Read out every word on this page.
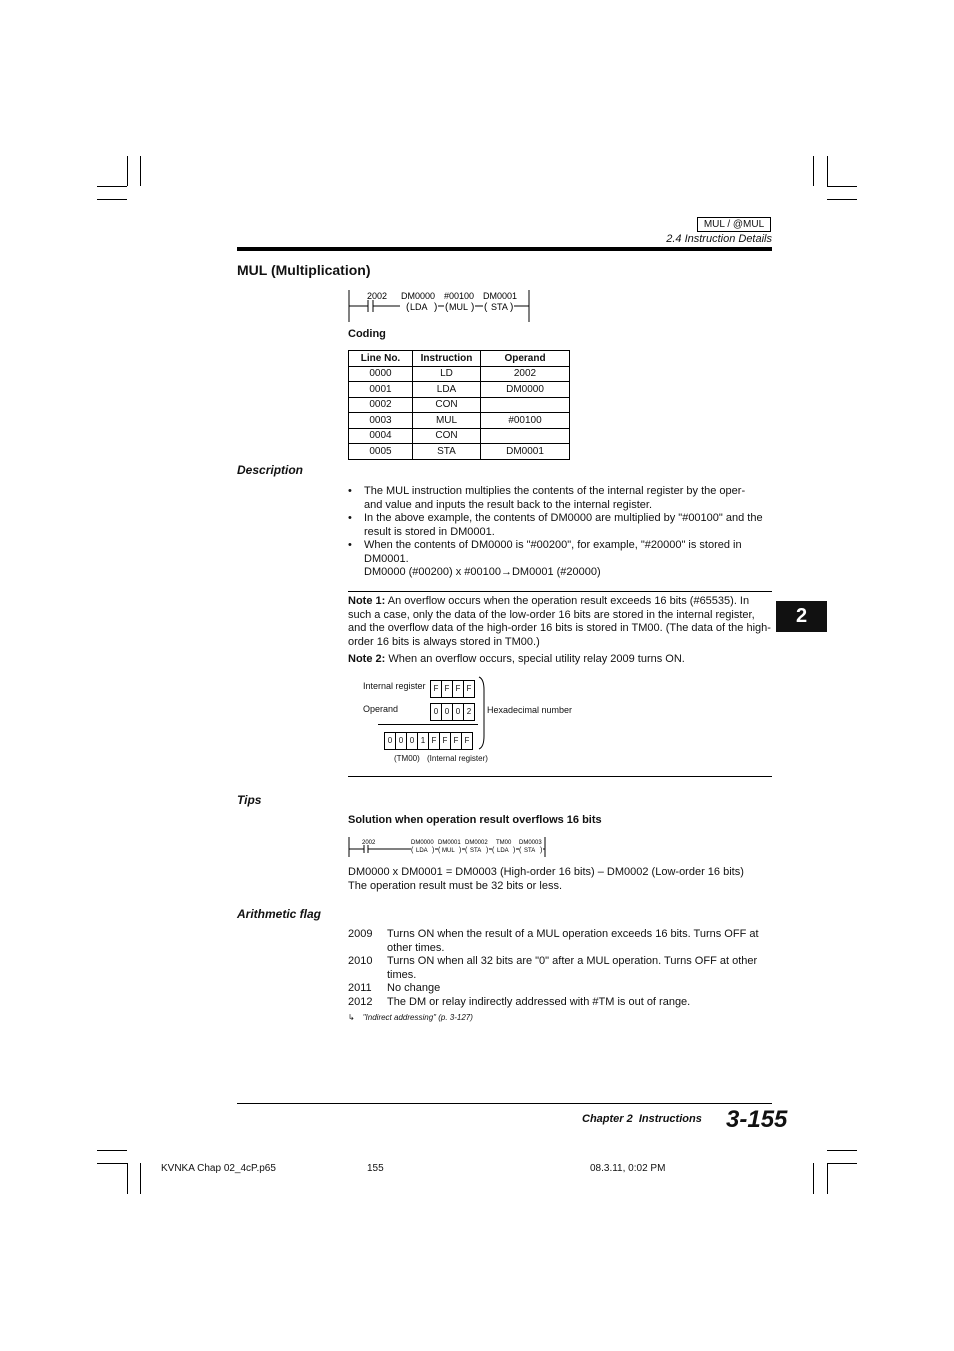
MUL / @MUL
2.4 Instruction Details
MUL (Multiplication)
( ) ( ) ( )
2002 DM0000 #00100 DM0001
LDA MUL	STA
Coding
Line No.	Instruction	Operand
0000	LD	2002
0001	LDA	DM0000
0002	CON	
0003	MUL	#00100
0004	CON	
0005	STA	DM0001
Description
• The MUL instruction multiplies the contents of the internal register by the oper- and value and inputs the result back to the internal register.
• In the above example, the contents of DM0000 are multiplied by "#00100" and the result is stored in DM0001.
• When the contents of DM0000 is "#00200", for example, "#20000" is stored in DM0001.
DM0000 (#00200) x #00100→DM0001 (#20000)
Note 1: An overflow occurs when the operation result exceeds 16 bits (#65535). In such a case, only the data of the low-order 16 bits are stored in the internal register, and the overflow data of the high-order 16 bits is stored in TM00. (The data of the high-order 16 bits is always stored in TM00.)
Note 2: When an overflow occurs, special utility relay 2009 turns ON.
Internal register	F F F F
Operand	0 0 0 2	Hexadecimal number
0 0 0 1 F F F F
(TM00) (Internal register)
2
Tips
Solution when operation result overflows 16 bits
(	) (	) (	) (	) (	)
2002	DM0000 DM0001 DM0002 TM00 DM0003
LDA MUL	STA	LDA	STA
DM0000 x DM0001 = DM0003 (High-order 16 bits) – DM0002 (Low-order 16 bits)
The operation result must be 32 bits or less.
Arithmetic flag
2009 Turns ON when the result of a MUL operation exceeds 16 bits. Turns OFF at other times.
2010 Turns ON when all 32 bits are "0" after a MUL operation. Turns OFF at other times.
2011 No change
2012 The DM or relay indirectly addressed with #TM is out of range.
↳ "Indirect addressing" (p. 3-127)
Chapter 2 Instructions 3-155
KVNKA Chap 02_4cP.p65	155	08.3.11, 0:02 PM
